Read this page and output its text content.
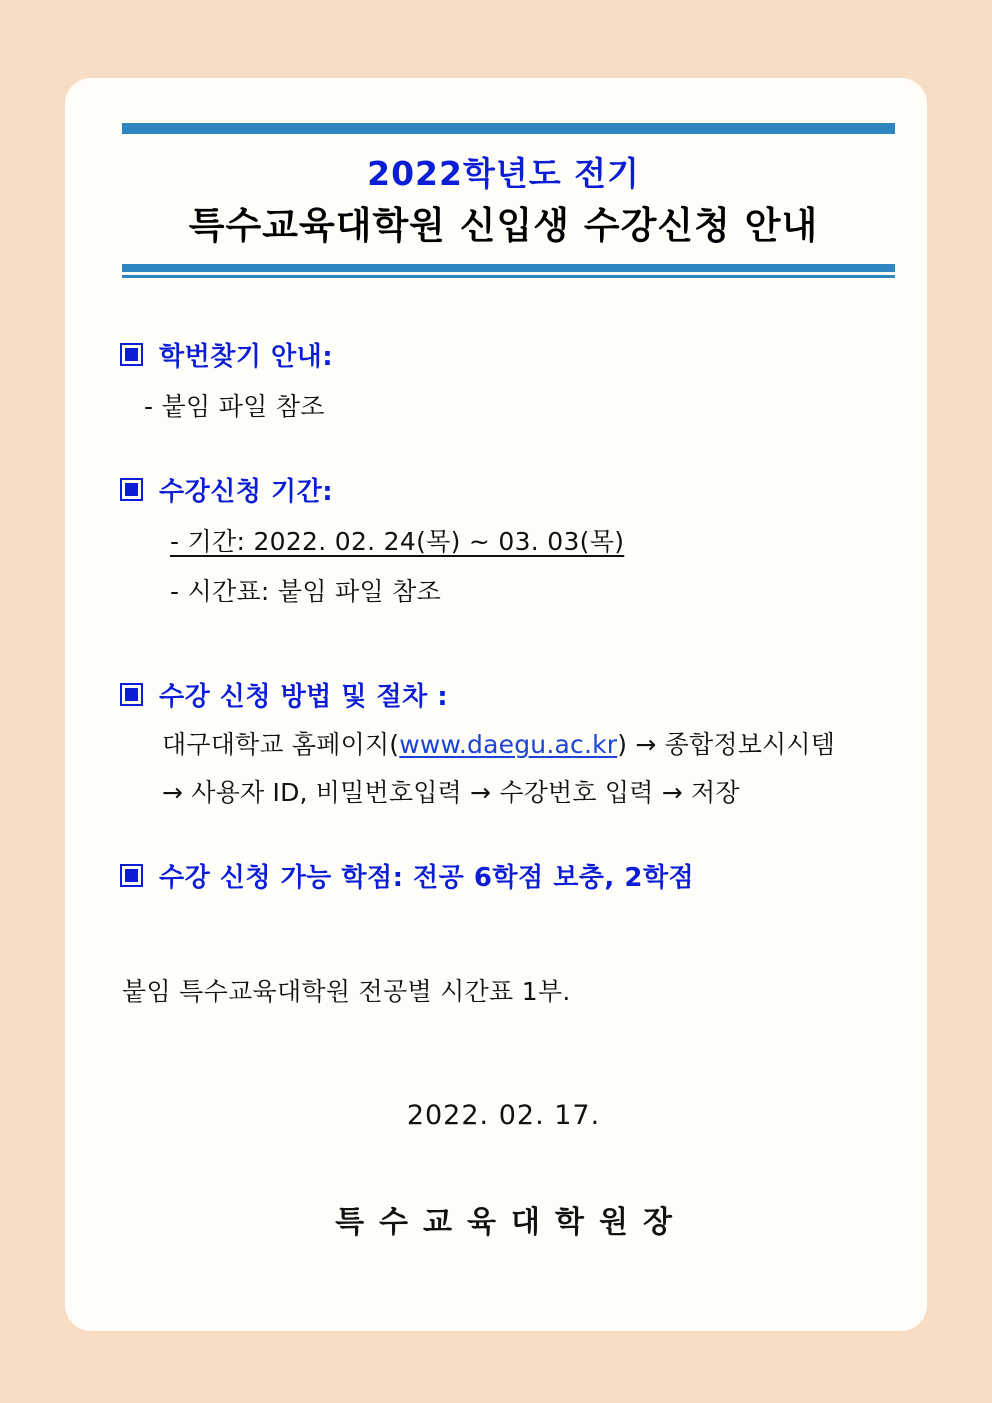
2022학년도 전기
특수교육대학원 신입생 수강신청 안내
학번찾기 안내:
- 붙임 파일 참조
수강신청 기간:
- 기간: 2022. 02. 24(목) ~ 03. 03(목)
- 시간표: 붙임 파일 참조
수강 신청 방법 및 절차 :
대구대학교 홈페이지(www.daegu.ac.kr) → 종합정보시시템
→ 사용자 ID, 비밀번호입력 → 수강번호 입력 → 저장
수강 신청 가능 학점: 전공 6학점 보충, 2학점
붙임 특수교육대학원 전공별 시간표 1부.
2022. 02. 17.
특수교육대학원장
